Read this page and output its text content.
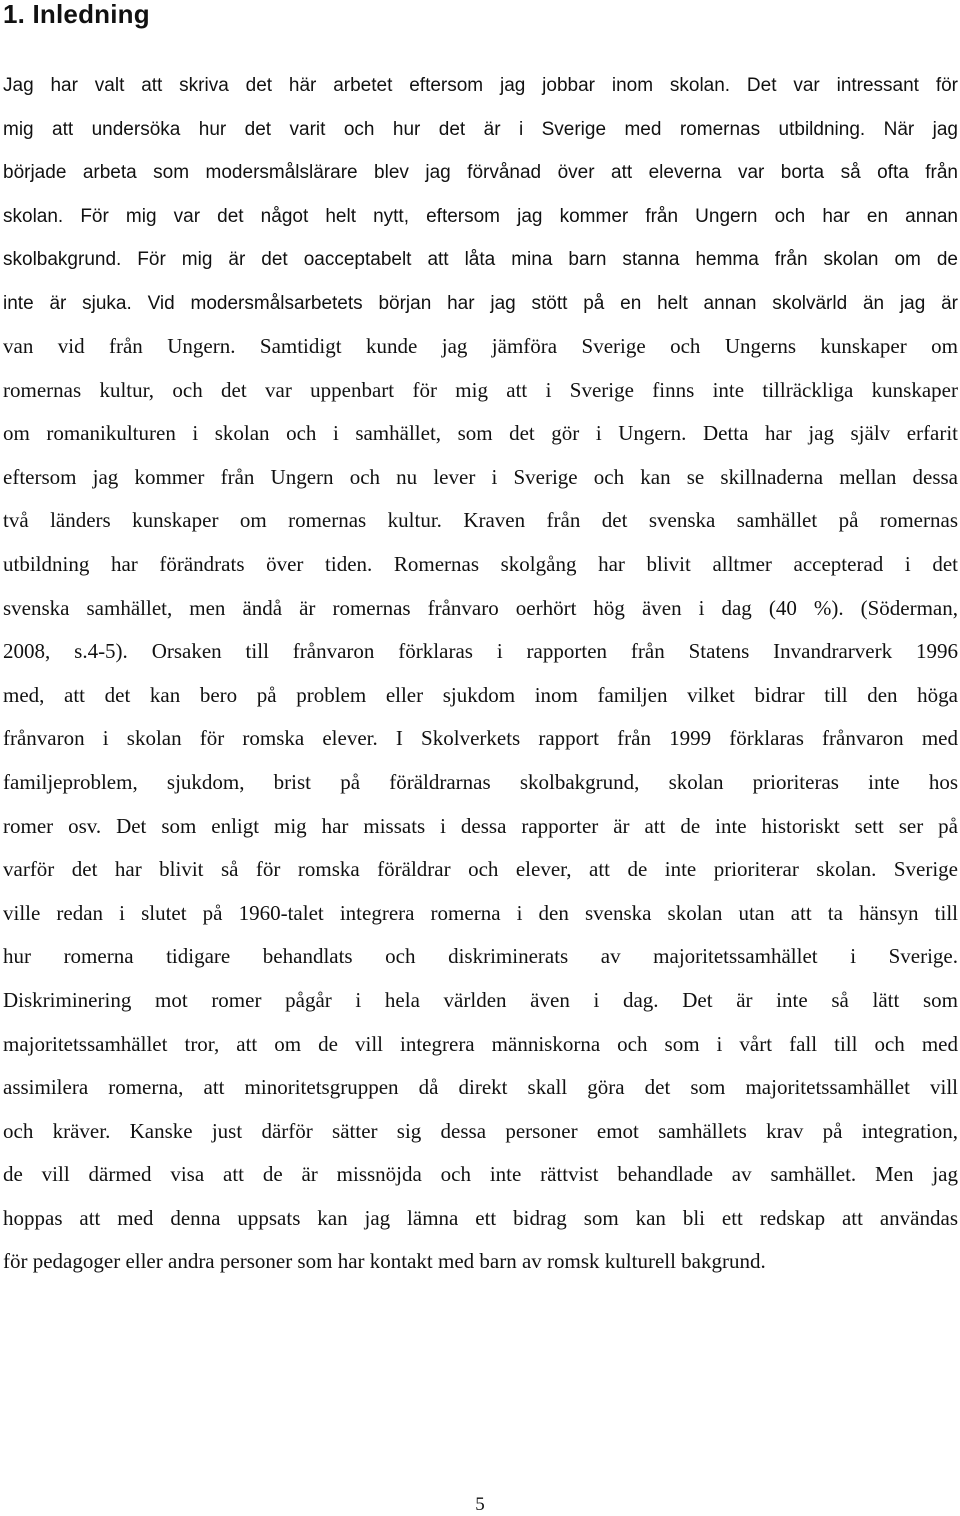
1. Inledning
Jag har valt att skriva det här arbetet eftersom jag jobbar inom skolan. Det var intressant för
mig att undersöka hur det varit och hur det är i Sverige med romernas utbildning. När jag
började arbeta som modersmålslärare blev jag förvånad över att eleverna var borta så ofta från
skolan. För mig var det något helt nytt, eftersom jag kommer från Ungern och har en annan
skolbakgrund. För mig är det oacceptabelt att låta mina barn stanna hemma från skolan om de
inte är sjuka. Vid modersmålsarbetets början har jag stött på en helt annan skolvärld än jag är
van vid från Ungern. Samtidigt kunde jag jämföra Sverige och Ungerns kunskaper om
romernas kultur, och det var uppenbart för mig att i Sverige finns inte tillräckliga kunskaper
om romanikulturen i skolan och i samhället, som det gör i Ungern. Detta har jag själv erfarit
eftersom jag kommer från Ungern och nu lever i Sverige och kan se skillnaderna mellan dessa
två länders kunskaper om romernas kultur. Kraven från det svenska samhället på romernas
utbildning har förändrats över tiden. Romernas skolgång har blivit alltmer accepterad i det
svenska samhället, men ändå är romernas frånvaro oerhört hög även i dag (40 %). (Söderman,
2008, s.4-5). Orsaken till frånvaron förklaras i rapporten från Statens Invandrarverk 1996
med, att det kan bero på problem eller sjukdom inom familjen vilket bidrar till den höga
frånvaron i skolan för romska elever. I Skolverkets rapport från 1999 förklaras frånvaron med
familjeproblem, sjukdom, brist på föräldrarnas skolbakgrund, skolan prioriteras inte hos
romer osv. Det som enligt mig har missats i dessa rapporter är att de inte historiskt sett ser på
varför det har blivit så för romska föräldrar och elever, att de inte prioriterar skolan. Sverige
ville redan i slutet på 1960-talet integrera romerna i den svenska skolan utan att ta hänsyn till
hur romerna tidigare behandlats och diskriminerats av majoritetssamhället i Sverige.
Diskriminering mot romer pågår i hela världen även i dag. Det är inte så lätt som
majoritetssamhället tror, att om de vill integrera människorna och som i vårt fall till och med
assimilera romerna, att minoritetsgruppen då direkt skall göra det som majoritetssamhället vill
och kräver. Kanske just därför sätter sig dessa personer emot samhällets krav på integration,
de vill därmed visa att de är missnöjda och inte rättvist behandlade av samhället. Men jag
hoppas att med denna uppsats kan jag lämna ett bidrag som kan bli ett redskap att användas
för pedagoger eller andra personer som har kontakt med barn av romsk kulturell bakgrund.
5
